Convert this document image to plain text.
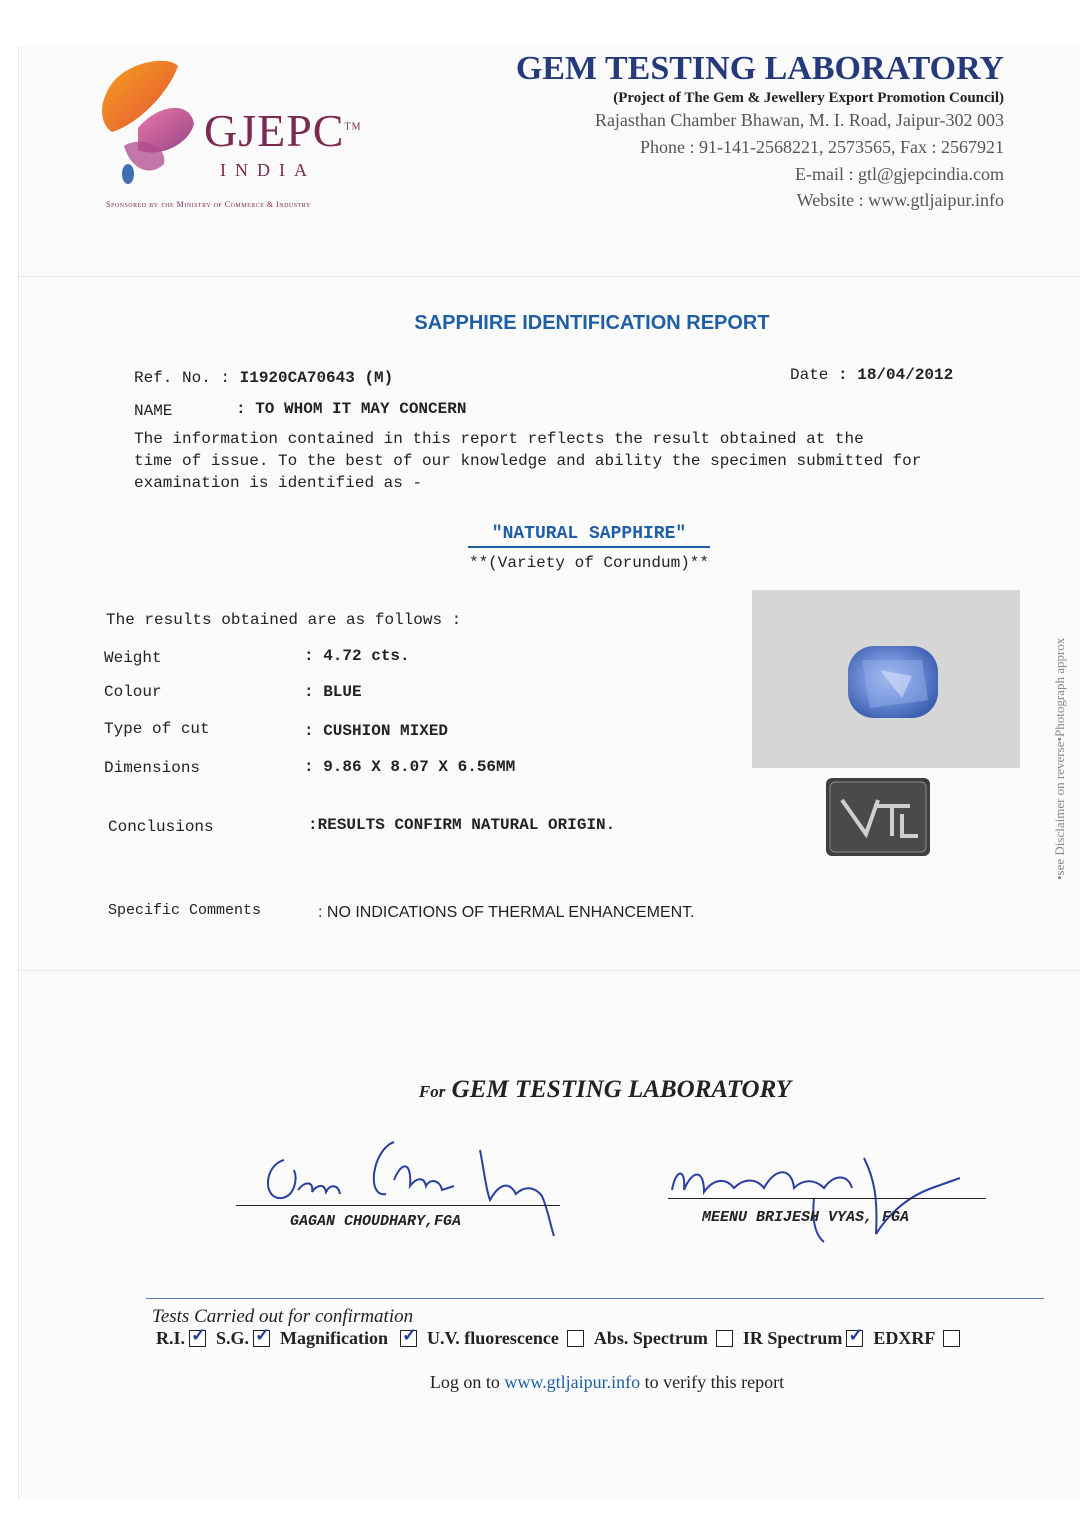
GJEPC™
INDIA
Sponsored by the Ministry of Commerce & Industry
GEM TESTING LABORATORY
(Project of The Gem & Jewellery Export Promotion Council)
Rajasthan Chamber Bhawan, M. I. Road, Jaipur-302 003
Phone : 91-141-2568221, 2573565, Fax : 2567921
E-mail : gtl@gjepcindia.com
Website : www.gtljaipur.info
SAPPHIRE IDENTIFICATION REPORT
Ref. No. : I1920CA70643 (M)	Date : 18/04/2012
NAME	: TO WHOM IT MAY CONCERN
The information contained in this report reflects the result obtained at the
time of issue. To the best of our knowledge and ability the specimen submitted for
examination is identified as -
"NATURAL SAPPHIRE"
**(Variety of Corundum)**
The results obtained are as follows :
Weight	: 4.72 cts.
Colour	: BLUE
Type of cut	: CUSHION MIXED
Dimensions	: 9.86 X 8.07 X 6.56MM
Conclusions	:RESULTS CONFIRM NATURAL ORIGIN.
Specific Comments	: NO INDICATIONS OF THERMAL ENHANCEMENT.
•see Disclaimer on reverse•Photograph approx
For GEM TESTING LABORATORY
GAGAN CHOUDHARY,FGA	MEENU BRIJESH VYAS, FGA
Tests Carried out for confirmation
R.I. ✓ S.G. ✓ Magnification ✓ U.V. fluorescence Abs. Spectrum IR Spectrum ✓ EDXRF
Log on to www.gtljaipur.info to verify this report
